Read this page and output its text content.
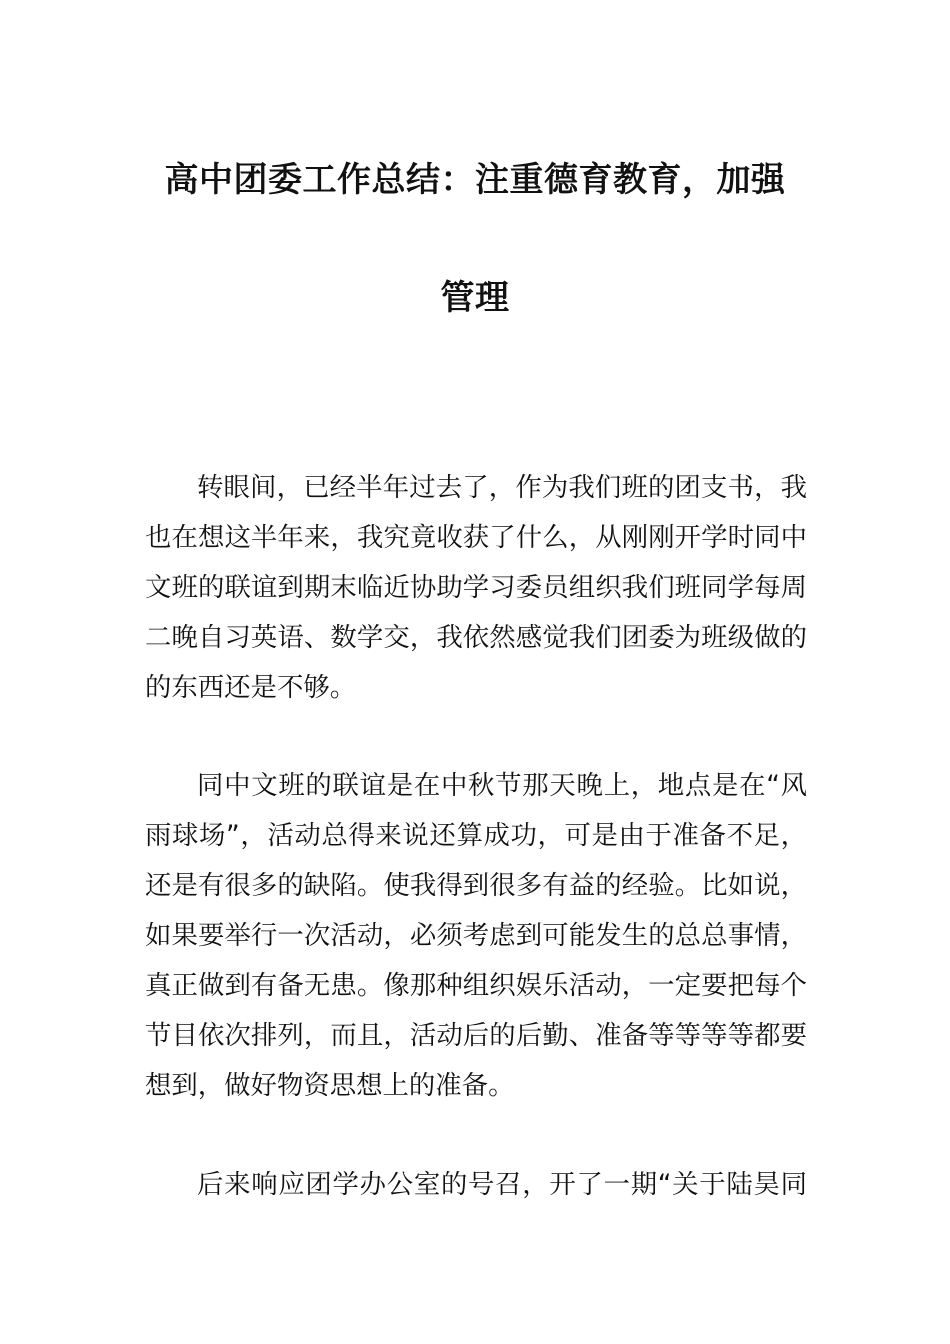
高中团委工作总结：注重德育教育，加强
管理

转眼间，已经半年过去了，作为我们班的团支书，我

也在想这半年来，我究竟收获了什么，从刚刚开学时同中

文班的联谊到期末临近协助学习委员组织我们班同学每周

二晚自习英语、数学交，我依然感觉我们团委为班级做的

的东西还是不够。

同中文班的联谊是在中秋节那天晚上，地点是在“风

雨球场”，活动总得来说还算成功，可是由于准备不足，

还是有很多的缺陷。使我得到很多有益的经验。比如说，

如果要举行一次活动，必须考虑到可能发生的总总事情，

真正做到有备无患。像那种组织娱乐活动，一定要把每个

节目依次排列，而且，活动后的后勤、准备等等等等都要

想到，做好物资思想上的准备。

后来响应团学办公室的号召，开了一期“关于陆昊同
